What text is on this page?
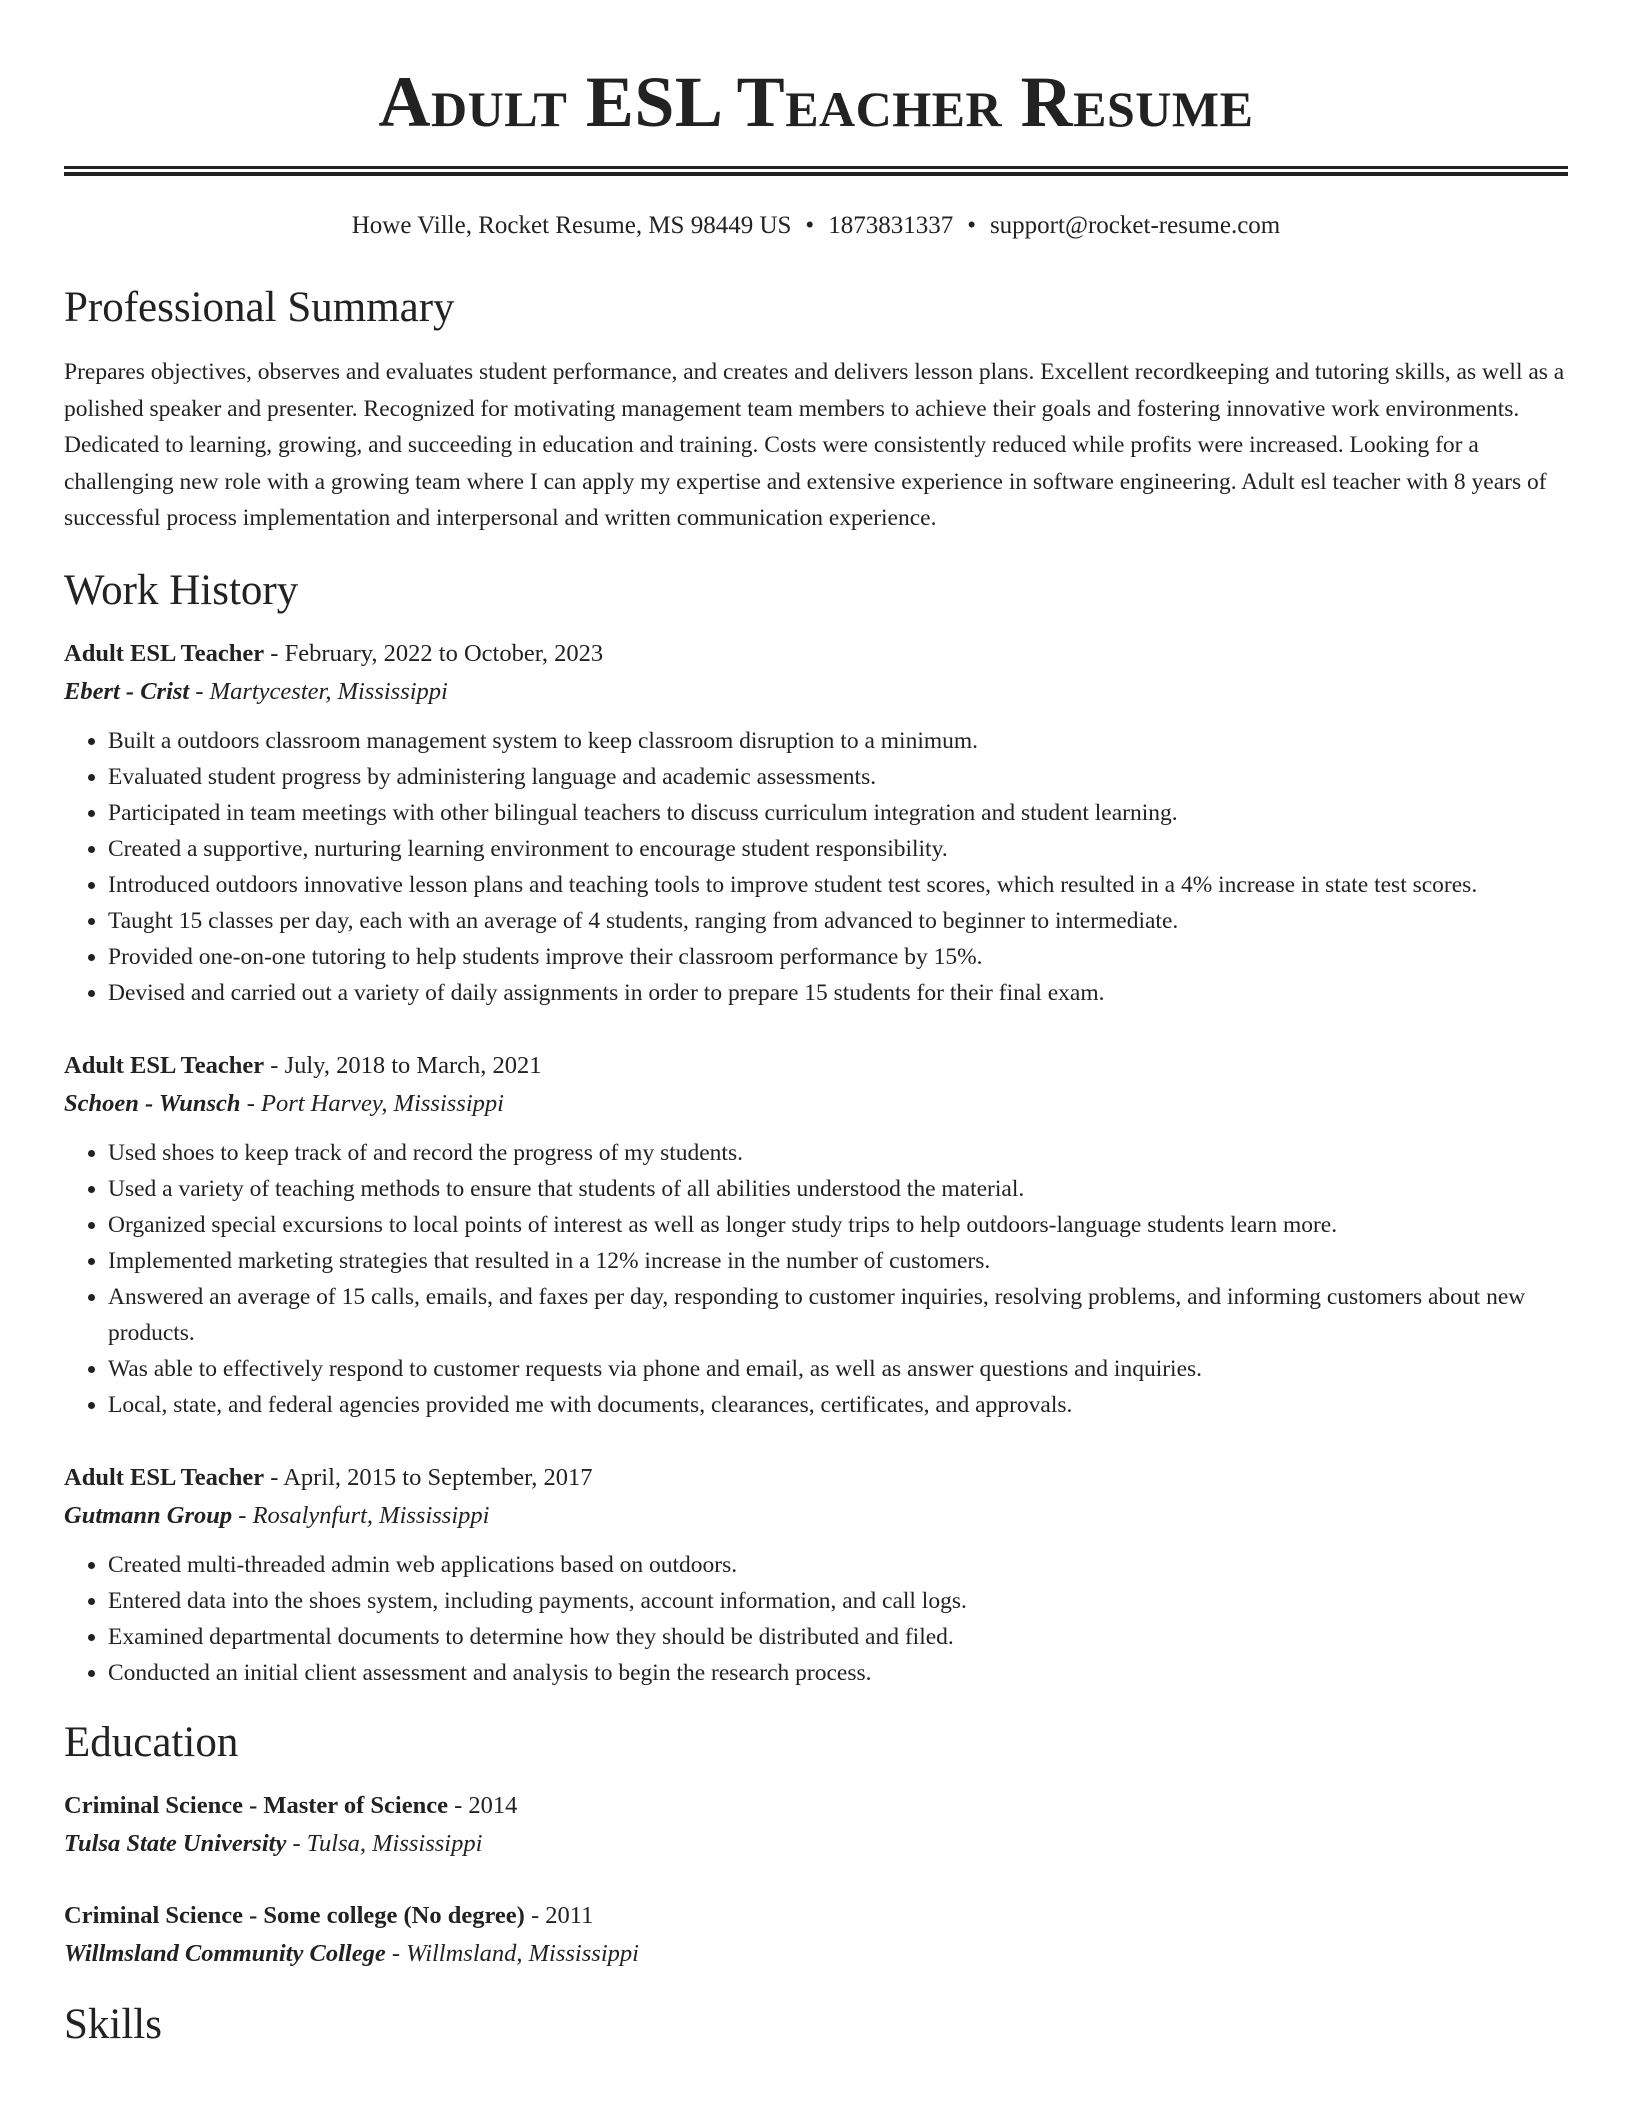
Adult ESL Teacher Resume
Howe Ville, Rocket Resume, MS 98449 US • 1873831337 • support@rocket-resume.com
Professional Summary

Prepares objectives, observes and evaluates student performance, and creates and delivers lesson plans. Excellent recordkeeping and tutoring skills, as well as a polished speaker and presenter. Recognized for motivating management team members to achieve their goals and fostering innovative work environments. Dedicated to learning, growing, and succeeding in education and training. Costs were consistently reduced while profits were increased. Looking for a challenging new role with a growing team where I can apply my expertise and extensive experience in software engineering. Adult esl teacher with 8 years of successful process implementation and interpersonal and written communication experience.

Work History
Adult ESL Teacher - February, 2022 to October, 2023
Ebert - Crist - Martycester, Mississippi
• Built a outdoors classroom management system to keep classroom disruption to a minimum.
• Evaluated student progress by administering language and academic assessments.
• Participated in team meetings with other bilingual teachers to discuss curriculum integration and student learning.
• Created a supportive, nurturing learning environment to encourage student responsibility.
• Introduced outdoors innovative lesson plans and teaching tools to improve student test scores, which resulted in a 4% increase in state test scores.
• Taught 15 classes per day, each with an average of 4 students, ranging from advanced to beginner to intermediate.
• Provided one-on-one tutoring to help students improve their classroom performance by 15%.
• Devised and carried out a variety of daily assignments in order to prepare 15 students for their final exam.
Adult ESL Teacher - July, 2018 to March, 2021
Schoen - Wunsch - Port Harvey, Mississippi
• Used shoes to keep track of and record the progress of my students.
• Used a variety of teaching methods to ensure that students of all abilities understood the material.
• Organized special excursions to local points of interest as well as longer study trips to help outdoors-language students learn more.
• Implemented marketing strategies that resulted in a 12% increase in the number of customers.
• Answered an average of 15 calls, emails, and faxes per day, responding to customer inquiries, resolving problems, and informing customers about new products.
• Was able to effectively respond to customer requests via phone and email, as well as answer questions and inquiries.
• Local, state, and federal agencies provided me with documents, clearances, certificates, and approvals.
Adult ESL Teacher - April, 2015 to September, 2017
Gutmann Group - Rosalynfurt, Mississippi
• Created multi-threaded admin web applications based on outdoors.
• Entered data into the shoes system, including payments, account information, and call logs.
• Examined departmental documents to determine how they should be distributed and filed.
• Conducted an initial client assessment and analysis to begin the research process.
Education
Criminal Science - Master of Science - 2014
Tulsa State University - Tulsa, Mississippi
Criminal Science - Some college (No degree) - 2011
Willmsland Community College - Willmsland, Mississippi
Skills
